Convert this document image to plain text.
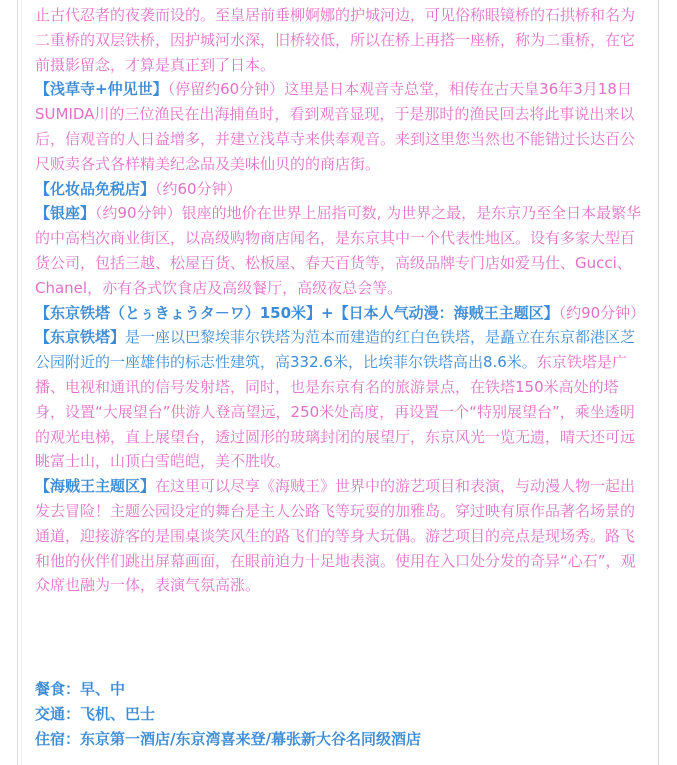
止古代忍者的夜袭而设的。至皇居前垂柳婀娜的护城河边，可见俗称眼镜桥的石拱桥和名为二重桥的双层铁桥，因护城河水深，旧桥较低，所以在桥上再搭一座桥，称为二重桥，在它前摄影留念，才算是真正到了日本。

【浅草寺+仲见世】（停留约60分钟）这里是日本观音寺总堂，相传在古天皇36年3月18日SUMIDA川的三位渔民在出海捕鱼时，看到观音显现，于是那时的渔民回去将此事说出来以后，信观音的人日益增多，并建立浅草寺来供奉观音。来到这里您当然也不能错过长达百公尺贩卖各式各样精美纪念品及美味仙贝的的商店街。

【化妆品免税店】（约60分钟）

【银座】（约90分钟）银座的地价在世界上屈指可数, 为世界之最，是东京乃至全日本最繁华的中高档次商业街区，以高级购物商店闻名，是东京其中一个代表性地区。设有多家大型百货公司，包括三越、松屋百货、松板屋、春天百货等，高级品牌专门店如爱马仕、Gucci、Chanel，亦有各式饮食店及高级餐厅，高级夜总会等。

【东京铁塔（とぅきょうタ－ワ）150米】+【日本人气动漫：海贼王主题区】（约90分钟）

【东京铁塔】是一座以巴黎埃菲尔铁塔为范本而建造的红白色铁塔，是矗立在东京都港区芝公园附近的一座雄伟的标志性建筑，高332.6米，比埃菲尔铁塔高出8.6米。东京铁塔是广播、电视和通讯的信号发射塔，同时，也是东京有名的旅游景点，在铁塔150米高处的塔身，设置“大展望台”供游人登高望远，250米处高度，再设置一个“特别展望台”，乘坐透明的观光电梯，直上展望台，透过圆形的玻璃封闭的展望厅，东京风光一览无遗，晴天还可远眺富士山，山顶白雪皑皑，美不胜收。

【海贼王主题区】在这里可以尽享《海贼王》世界中的游艺项目和表演，与动漫人物一起出发去冒险！主题公园设定的舞台是主人公路飞等玩耍的加雅岛。穿过映有原作品著名场景的通道，迎接游客的是围桌谈笑风生的路飞们的等身大玩偶。游艺项目的亮点是现场秀。路飞和他的伙伴们跳出屏幕画面，在眼前迫力十足地表演。使用在入口处分发的奇异“心石”，观众席也融为一体，表演气氛高涨。

餐食：早、中

交通：飞机、巴士

住宿：东京第一酒店/东京湾喜来登/幕张新大谷名同级酒店
